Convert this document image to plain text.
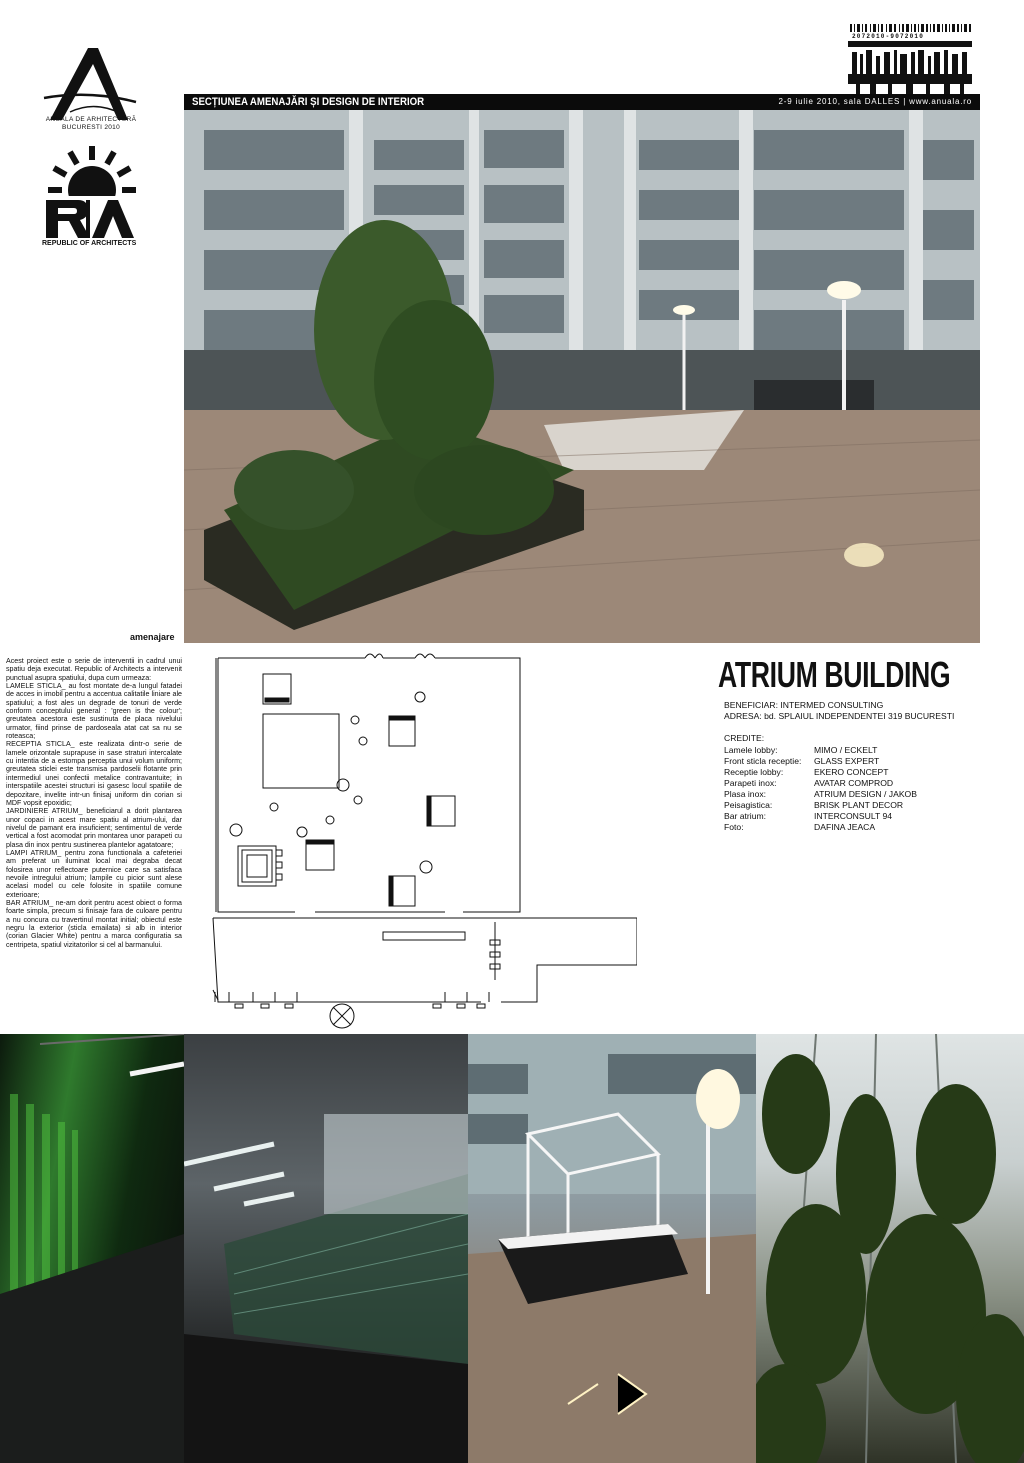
ANUALA DE ARHITECTURĂ
BUCURESTI 2010
REPUBLIC OF ARCHITECTS
2072010-9072010
SECȚIUNEA AMENAJĂRI ȘI DESIGN DE INTERIOR	2-9 iulie 2010, sala DALLES | www.anuala.ro
amenajare

Acest proiect este o serie de interventii in cadrul unui spatiu deja executat. Republic of Architects a intervenit punctual asupra spatiului, dupa cum urmeaza:

LAMELE STICLA_ au fost montate de-a lungul fatadei de acces in imobil pentru a accentua calitatile liniare ale spatiului; a fost ales un degrade de tonuri de verde conform conceptului general : 'green is the colour'; greutatea acestora este sustinuta de placa nivelului urmator, fiind prinse de pardoseala atat cat sa nu se roteasca;

RECEPTIA STICLA_ este realizata dintr-o serie de lamele orizontale suprapuse in sase straturi intercalate cu intentia de a estompa perceptia unui volum uniform; greutatea sticlei este transmisa pardoselii flotante prin intermediul unei confectii metalice contravantuite; in interspatiile acestei structuri isi gasesc locul spatiile de depozitare, invelite intr-un finisaj uniform din corian si MDF vopsit epoxidic;

JARDINIERE ATRIUM_ beneficiarul a dorit plantarea unor copaci in acest mare spatiu al atrium-ului, dar nivelul de pamant era insuficient; sentimentul de verde vertical a fost acomodat prin montarea unor parapeti cu plasa din inox pentru sustinerea plantelor agatatoare;

LAMPI ATRIUM_ pentru zona functionala a cafeteriei am preferat un iluminat local mai degraba decat folosirea unor reflectoare puternice care sa satisfaca nevoile intregului atrium; lampile cu picior sunt alese acelasi model cu cele folosite in spatiile comune exterioare;

BAR ATRIUM_ ne-am dorit pentru acest obiect o forma foarte simpla, precum si finisaje fara de culoare pentru a nu concura cu travertinul montat initial; obiectul este negru la exterior (sticla emailata) si alb in interior (corian Glacier White) pentru a marca configuratia sa centripeta, spatiul vizitatorilor si cel al barmanului.

ATRIUM BUILDING
BENEFICIAR: INTERMED CONSULTING
ADRESA: bd. SPLAIUL INDEPENDENTEI 319 BUCURESTI
CREDITE:
Lamele lobby:	MIMO / ECKELT
Front sticla receptie:	GLASS EXPERT
Receptie lobby:	EKERO CONCEPT
Parapeti inox:	AVATAR COMPROD
Plasa inox:	ATRIUM DESIGN / JAKOB
Peisagistica:	BRISK PLANT DECOR
Bar atrium:	INTERCONSULT 94
Foto:	DAFINA JEACA
